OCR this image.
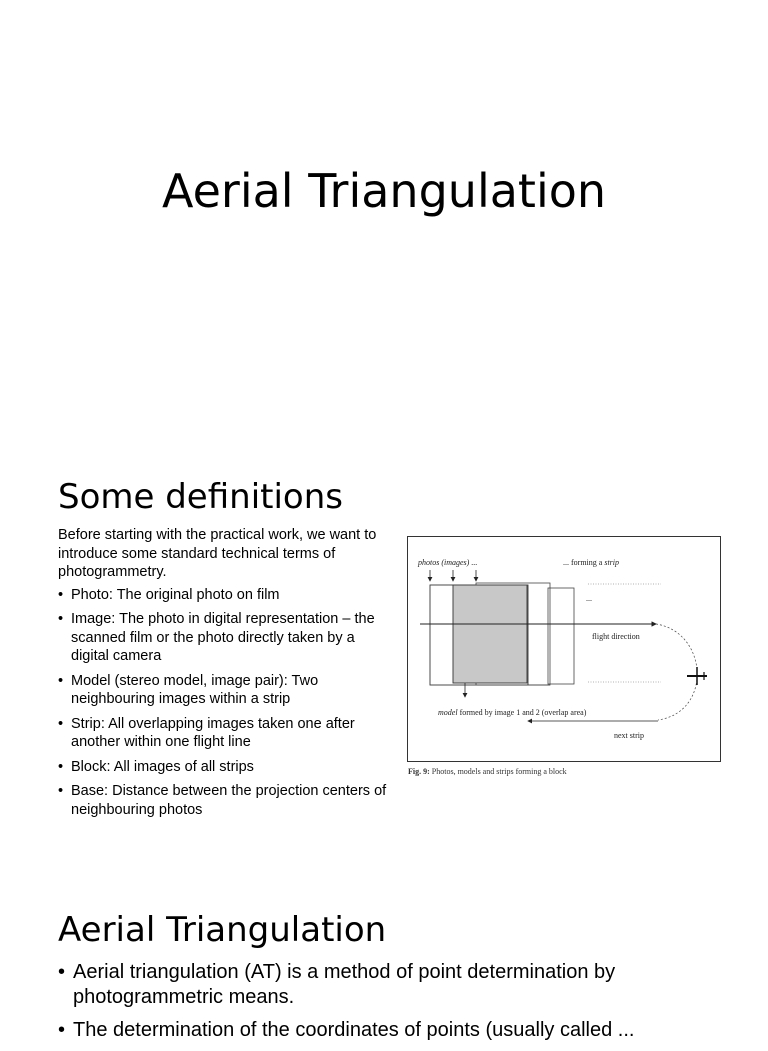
Aerial Triangulation
Some definitions

Before starting with the practical work, we want to introduce some standard technical terms of photogrammetry.

• Photo: The original photo on film
• Image: The photo in digital representation – the scanned film or the photo directly taken by a digital camera
• Model (stereo model, image pair): Two neighbouring images within a strip
• Strip: All overlapping images taken one after another within one flight line
• Block: All images of all strips
• Base: Distance between the projection centers of neighbouring photos
photos (images) ...	... forming a strip
...
flight direction
model formed by image 1 and 2 (overlap area)
next strip
Fig. 9: Photos, models and strips forming a block
Aerial Triangulation
• Aerial triangulation (AT) is a method of point determination by photogrammetric means.
• The determination of the coordinates of points (usually called ...
